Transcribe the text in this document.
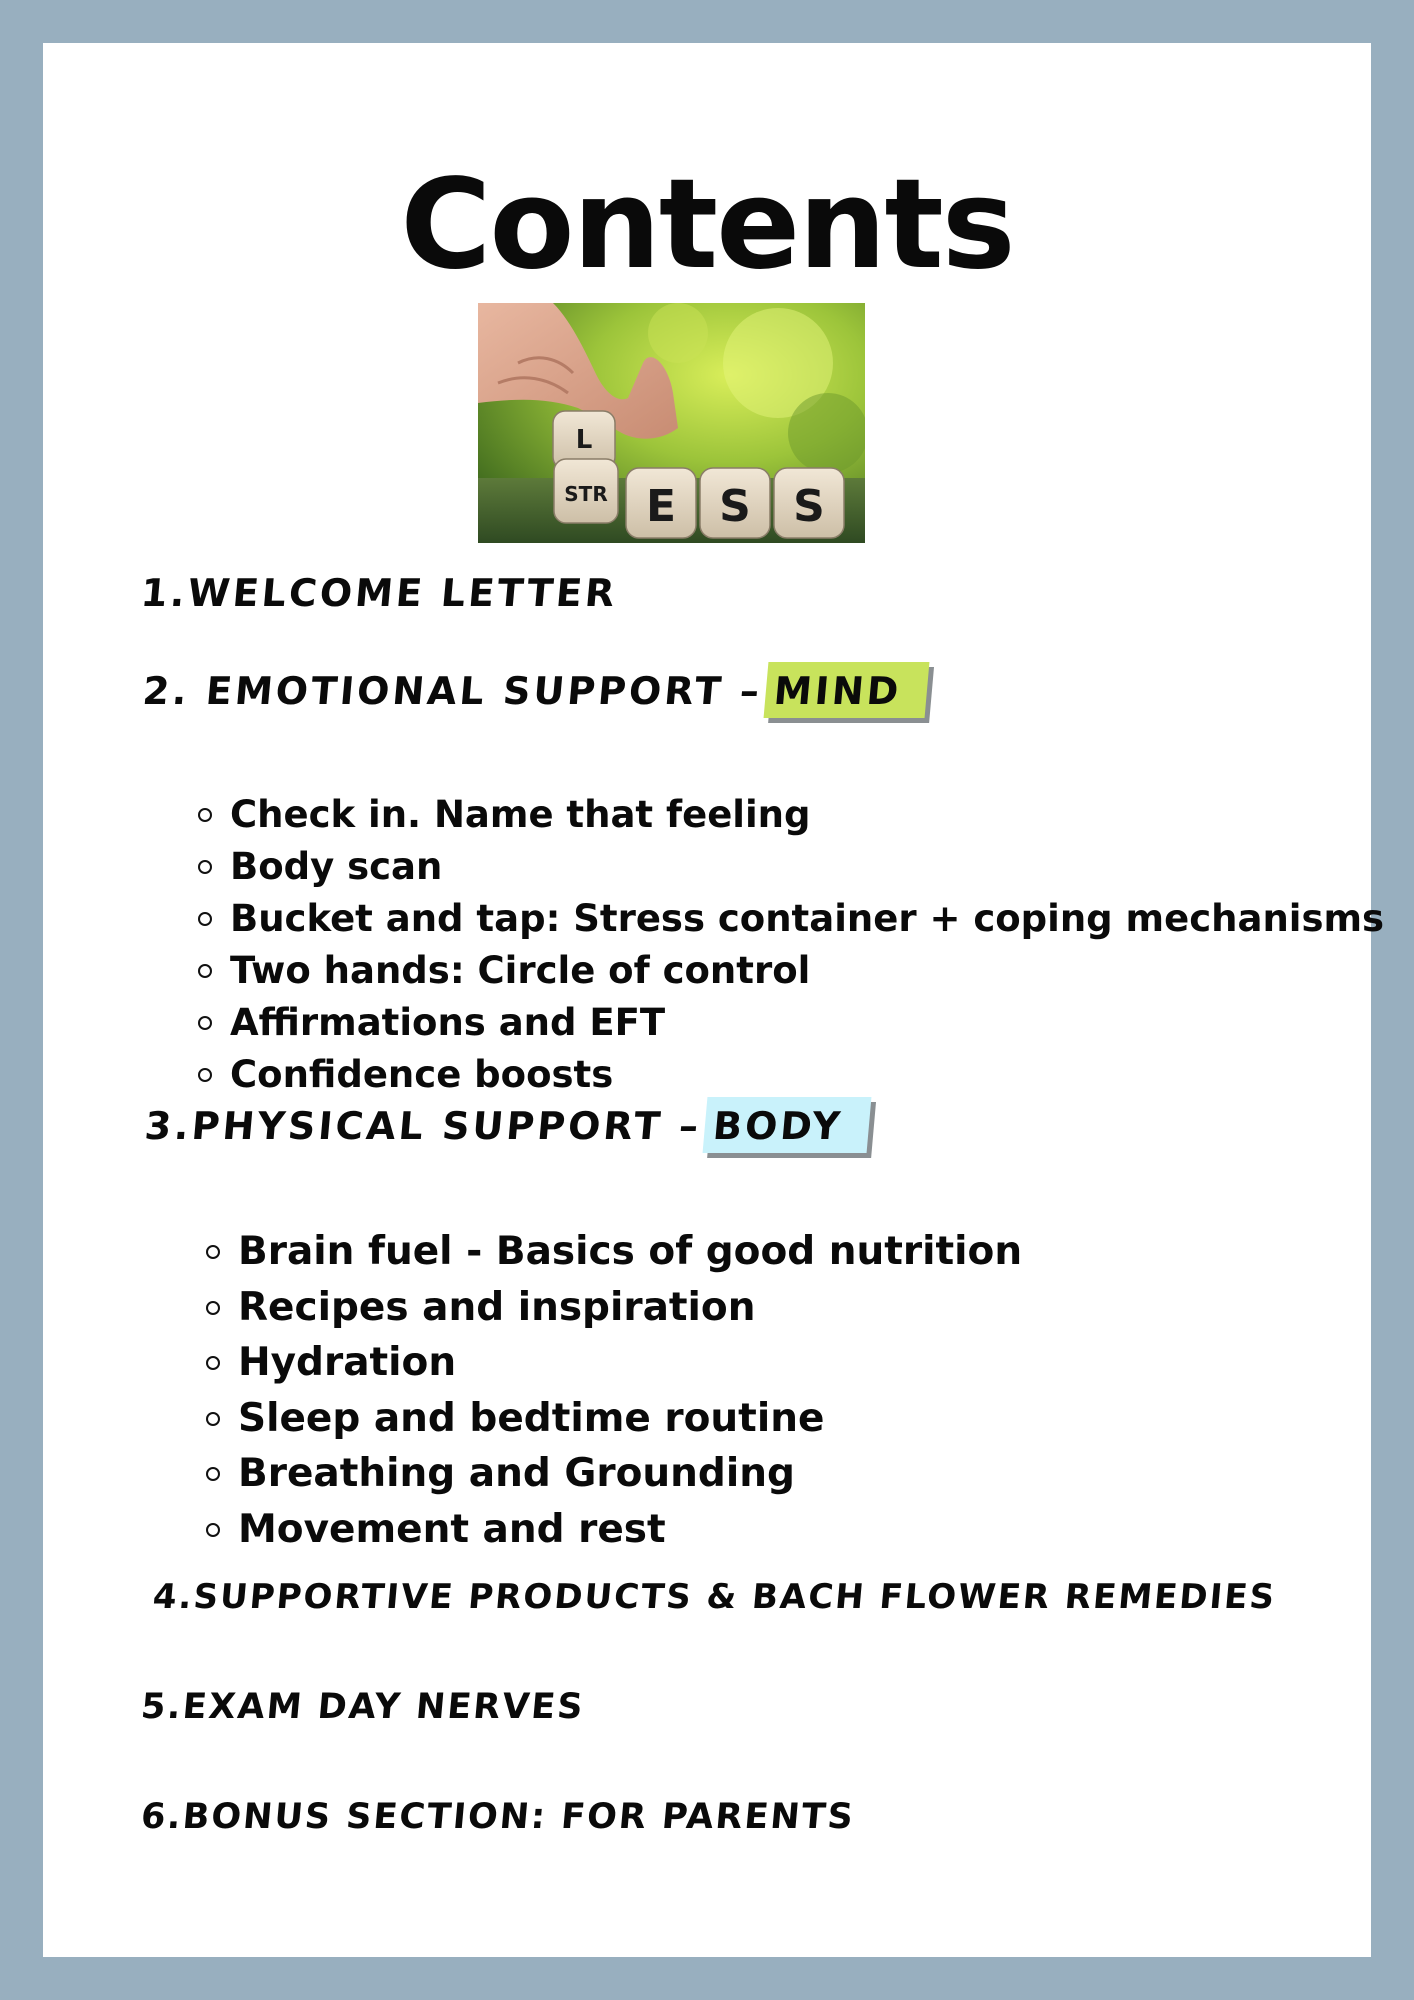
Contents
L
STR E S S
1.WELCOME LETTER
2. EMOTIONAL SUPPORT – MIND
Check in. Name that feeling
Body scan
Bucket and tap: Stress container + coping mechanisms
Two hands: Circle of control
Affirmations and EFT
Confidence boosts
3.PHYSICAL SUPPORT – BODY
Brain fuel - Basics of good nutrition
Recipes and inspiration
Hydration
Sleep and bedtime routine
Breathing and Grounding
Movement and rest
4.SUPPORTIVE PRODUCTS & BACH FLOWER REMEDIES
5.EXAM DAY NERVES
6.BONUS SECTION: FOR PARENTS
